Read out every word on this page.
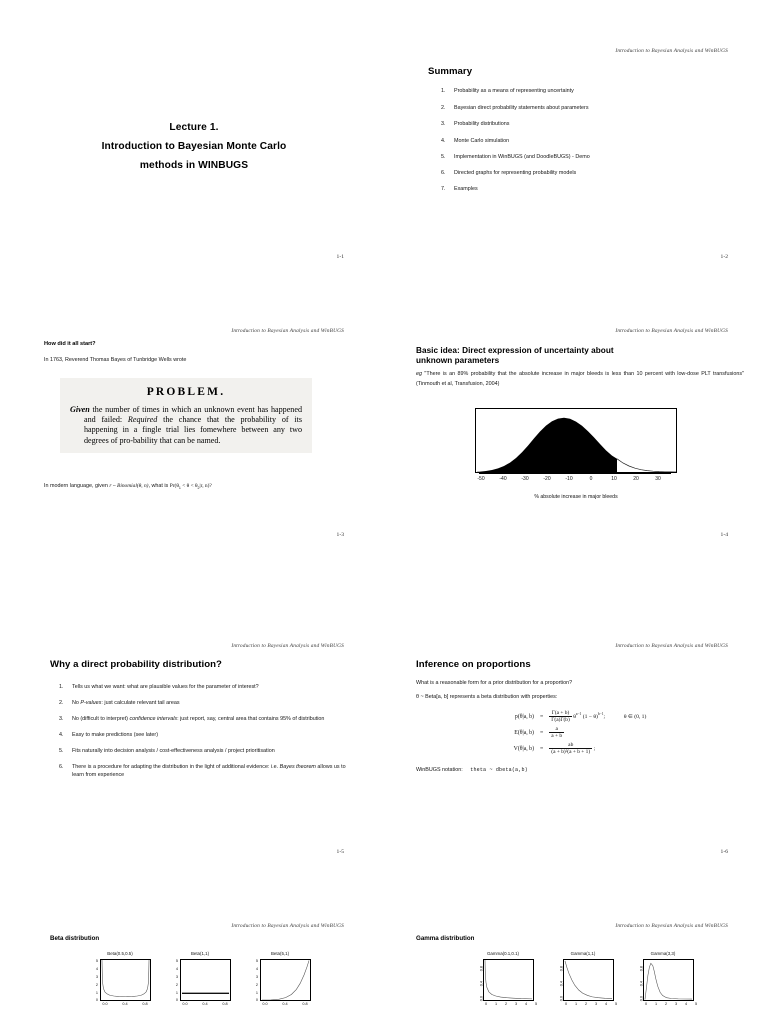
Lecture 1.
Introduction to Bayesian Monte Carlo
methods in WINBUGS
1-1
Introduction to Bayesian Analysis and WinBUGS
Summary
Probability as a means of representing uncertainty
Bayesian direct probability statements about parameters
Probability distributions
Monte Carlo simulation
Implementation in WinBUGS (and DoodleBUGS) - Demo
Directed graphs for representing probability models
Examples
1-2
Introduction to Bayesian Analysis and WinBUGS
How did it all start?

In 1763, Reverend Thomas Bayes of Tunbridge Wells wrote

PROBLEM.
Given the number of times in which an unknown event has happened and failed: Required the chance that the probability of its happening in a fingle trial lies fomewhere between any two degrees of pro-bability that can be named.

In modern language, given r ~ Binomial(θ, n), what is $Pr(\theta_1 < \theta < \theta_2|r$, n)?

1-3
Introduction to Bayesian Analysis and WinBUGS
Basic idea: Direct expression of uncertainty about
unknown parameters

eg "There is an 89% probability that the absolute increase in major bleeds is less than 10 percent with low-dose PLT transfusions" (Tinmouth et al, Transfusion, 2004)

-50	-40	-30	-20	-10	0	10	20	30
% absolute increase in major bleeds
1-4
Introduction to Bayesian Analysis and WinBUGS
Why a direct probability distribution?
Tells us what we want: what are plausible values for the parameter of interest?
No P-values: just calculate relevant tail areas
No (difficult to interpret) confidence intervals: just report, say, central area that contains 95% of distribution
Easy to make predictions (see later)
Fits naturally into decision analysis / cost-effectiveness analysis / project prioritisation
There is a procedure for adapting the distribution in the light of additional evidence: i.e. Bayes theorem allows us to learn from experience
1-5
Introduction to Bayesian Analysis and WinBUGS
Inference on proportions

What is a reasonable form for a prior distribution for a proportion?

θ ~ Beta[a, b] represents a beta distribution with properties:

p(θ|a, b)	=	$\frac{\Gamma(a + b)}{\Gamma(a)\Gamma(b)} \theta^{a-1}$ $(1 - \theta)^{b-1}$;	θ ∈ (0, 1)
E(θ|a, b)	=	$\frac{a}{a + b}$

V(θ|a, b)	=	$\frac{ab}{\text{(a + b)²(a + b + 1)}}$ ;

WinBUGS notation: theta ~ dbeta(a,b)

1-6
Introduction to Bayesian Analysis and WinBUGS
Beta distribution
Beta(0.5,0.5)
5
4
3
2
1
0
0.0	0.4	0.8
Beta(1,1)
5
4
3
2
1
0
0.0	0.4	0.8
Beta(5,1)
5
4
3
2
1
0
0.0	0.4	0.8
Introduction to Bayesian Analysis and WinBUGS
Gamma distribution
Gamma(0.1,0.1)
0.8
0.4
0.0
0 1 2 3 4 5
Gamma(1,1)
0.8
0.4
0.0
0 1 2 3 4 5
Gamma(3,3)
0.8
0.4
0.0
0 1 2 3 4 5
